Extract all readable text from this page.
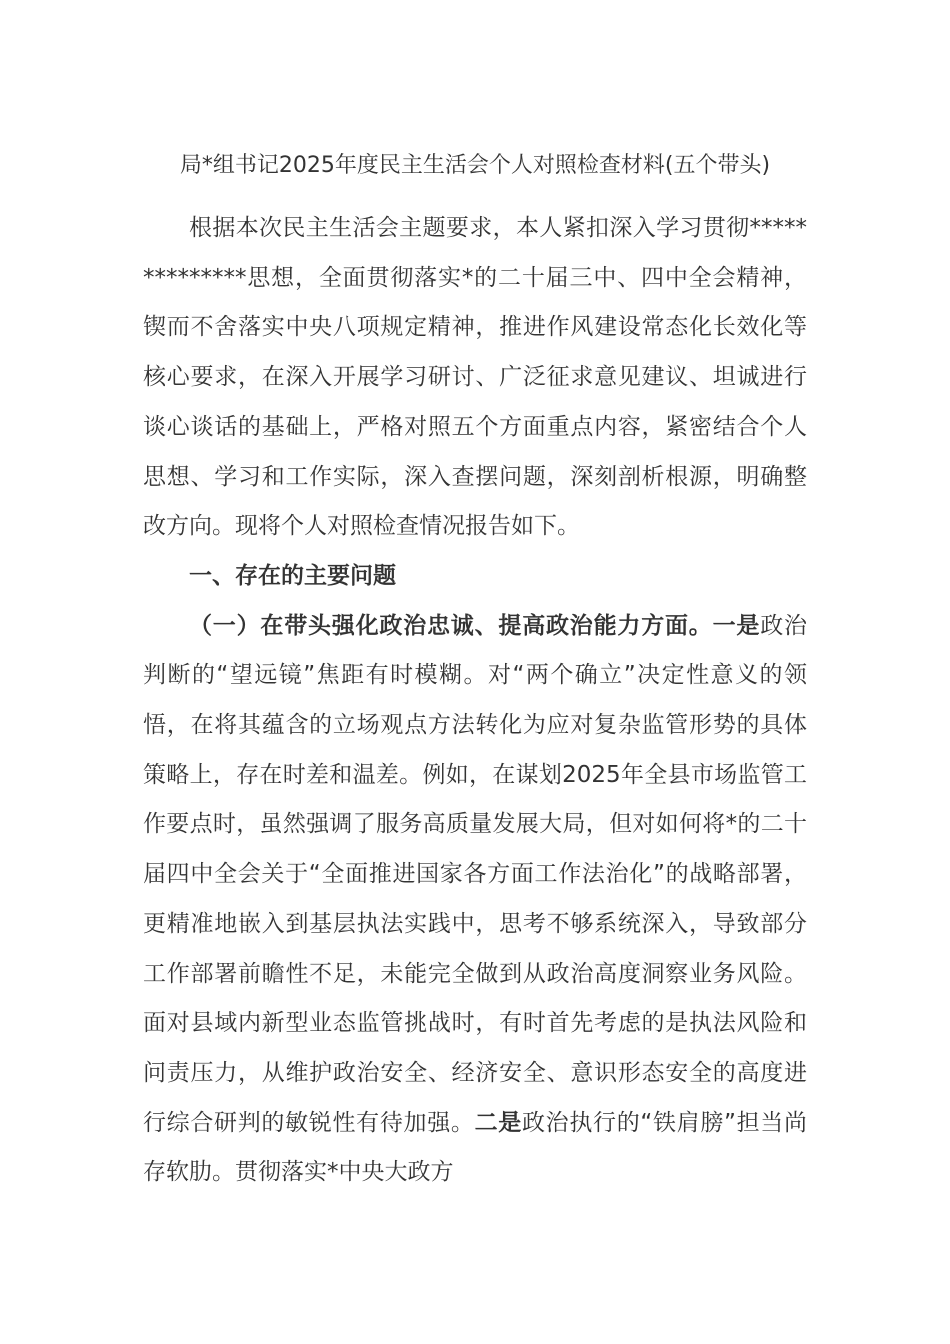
局*组书记2025年度民主生活会个人对照检查材料(五个带头)

根据本次民主生活会主题要求，本人紧扣深入学习贯彻**************思想，全面贯彻落实*的二十届三中、四中全会精神，锲而不舍落实中央八项规定精神，推进作风建设常态化长效化等核心要求，在深入开展学习研讨、广泛征求意见建议、坦诚进行谈心谈话的基础上，严格对照五个方面重点内容，紧密结合个人思想、学习和工作实际，深入查摆问题，深刻剖析根源，明确整改方向。现将个人对照检查情况报告如下。

一、存在的主要问题

（一）在带头强化政治忠诚、提高政治能力方面。一是政治判断的“望远镜”焦距有时模糊。对“两个确立”决定性意义的领悟，在将其蕴含的立场观点方法转化为应对复杂监管形势的具体策略上，存在时差和温差。例如，在谋划2025年全县市场监管工作要点时，虽然强调了服务高质量发展大局，但对如何将*的二十届四中全会关于“全面推进国家各方面工作法治化”的战略部署，更精准地嵌入到基层执法实践中，思考不够系统深入，导致部分工作部署前瞻性不足，未能完全做到从政治高度洞察业务风险。面对县域内新型业态监管挑战时，有时首先考虑的是执法风险和问责压力，从维护政治安全、经济安全、意识形态安全的高度进行综合研判的敏锐性有待加强。二是政治执行的“铁肩膀”担当尚存软肋。贯彻落实*中央大政方
